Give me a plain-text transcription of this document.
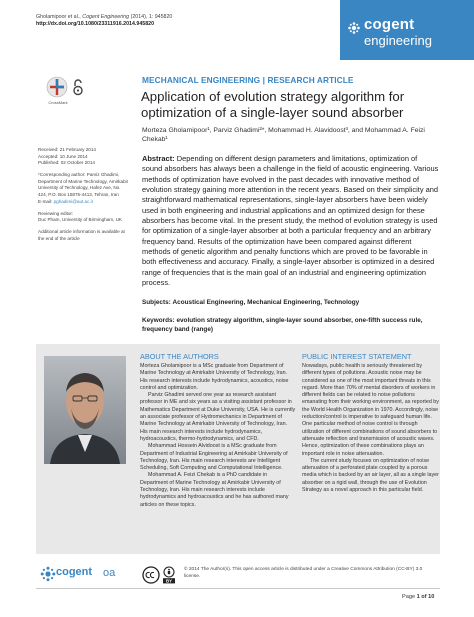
Gholamipoor et al., Cogent Engineering (2014), 1: 945820
http://dx.doi.org/10.1080/23311916.2014.945820	cogent
engineering
CrossMark
MECHANICAL ENGINEERING | RESEARCH ARTICLE
Application of evolution strategy algorithm for optimization of a single-layer sound absorber
Morteza Gholamipoor¹, Parviz Ghadimi²*, Mohammad H. Alavidoost³, and Mohammad A. Feizi Chekab¹

Received: 21 February 2014
Accepted: 10 June 2014
Published: 02 October 2014

*Corresponding author: Parviz Ghadimi, Department of Marine Technology, Amirkabir University of Technology, Hafez Ave, No. 424, P.O. Box 15875-4413, Tehran, Iran
E-mail: pghadimi@aut.ac.ir

Reviewing editor:
Duc Pham, University of Birmingham, UK

Additional article information is available at the end of the article

Abstract: Depending on different design parameters and limitations, optimization of sound absorbers has always been a challenge in the field of acoustic engineering. Various methods of optimization have evolved in the past decades with innovative method of evolution strategy gaining more attention in the recent years. Based on their simplicity and straightforward mathematical representations, single-layer absorbers have been widely used in both engineering and industrial applications and an optimized design for these absorbers has become vital. In the present study, the method of evolution strategy is used for optimization of a single-layer absorber at both a particular frequency and an arbitrary frequency band. Results of the optimization have been compared against different methods of genetic algorithm and penalty functions which are proved to be favorable in both effectiveness and accuracy. Finally, a single-layer absorber is optimized in a desired range of frequencies that is the main goal of an industrial and engineering optimization process.
Subjects: Acoustical Engineering, Mechanical Engineering, Technology
Keywords: evolution strategy algorithm, single-layer sound absorber, one-fifth success rule, frequency band (range)
ABOUT THE AUTHORS

Morteza Gholamipoor is a MSc graduate from Department of Marine Technology at Amirkabir University of Technology, Iran. His research interests include hydrodynamics, acoustics, noise control and optimization.

Parviz Ghadimi served one year as research assistant professor in ME and six years as a visiting assistant professor in Mathematics Department at Duke University, USA. He is currently an associate professor of Hydromechanics in Department of Marine Technology at Amirkabir University of Technology, Iran. His main research interests include hydrodynamics, hydroacoustics, thermo-hydrodynamics, and CFD.

Mohammad Hossein Alvidoost is a MSc graduate from Department of Industrial Engineering at Amirkabir University of Technology, Iran. His main research interests are Intelligent Scheduling, Soft Computing and Computational Intelligence.

Mohammad A. Feizi Chekab is a PhD candidate in Department of Marine Technology at Amirkabir University of Technology, Iran. His main research interests include hydrodynamics and hydroacoustics and he has authored many articles on these topics.

PUBLIC INTEREST STATEMENT

Nowadays, public health is seriously threatened by different types of pollutions. Acoustic noise may be considered as one of the most important threats in this regard. More than 70% of mental disorders of workers in different fields can be related to noise pollutions emanating from their working environment, as reported by the World Health Organization in 1970. Accordingly, noise reduction/control is imperative to safeguard human life. One particular method of noise control is through utilization of different combinations of sound absorbers to attenuate reflection and transmission of acoustic waves. Hence, optimization of these combinations plays an important role in noise attenuation.

The current study focuses on optimization of noise attenuation of a perforated plate coupled by a porous media which is backed by an air layer, all as a single layer absorber on a rigid wall, through the use of Evolution Strategy as a novel approach in this particular field.

cogent oa
BY
© 2014 The Author(s). This open access article is distributed under a Creative Commons Attribution (CC-BY) 3.0 license.
Page 1 of 10
